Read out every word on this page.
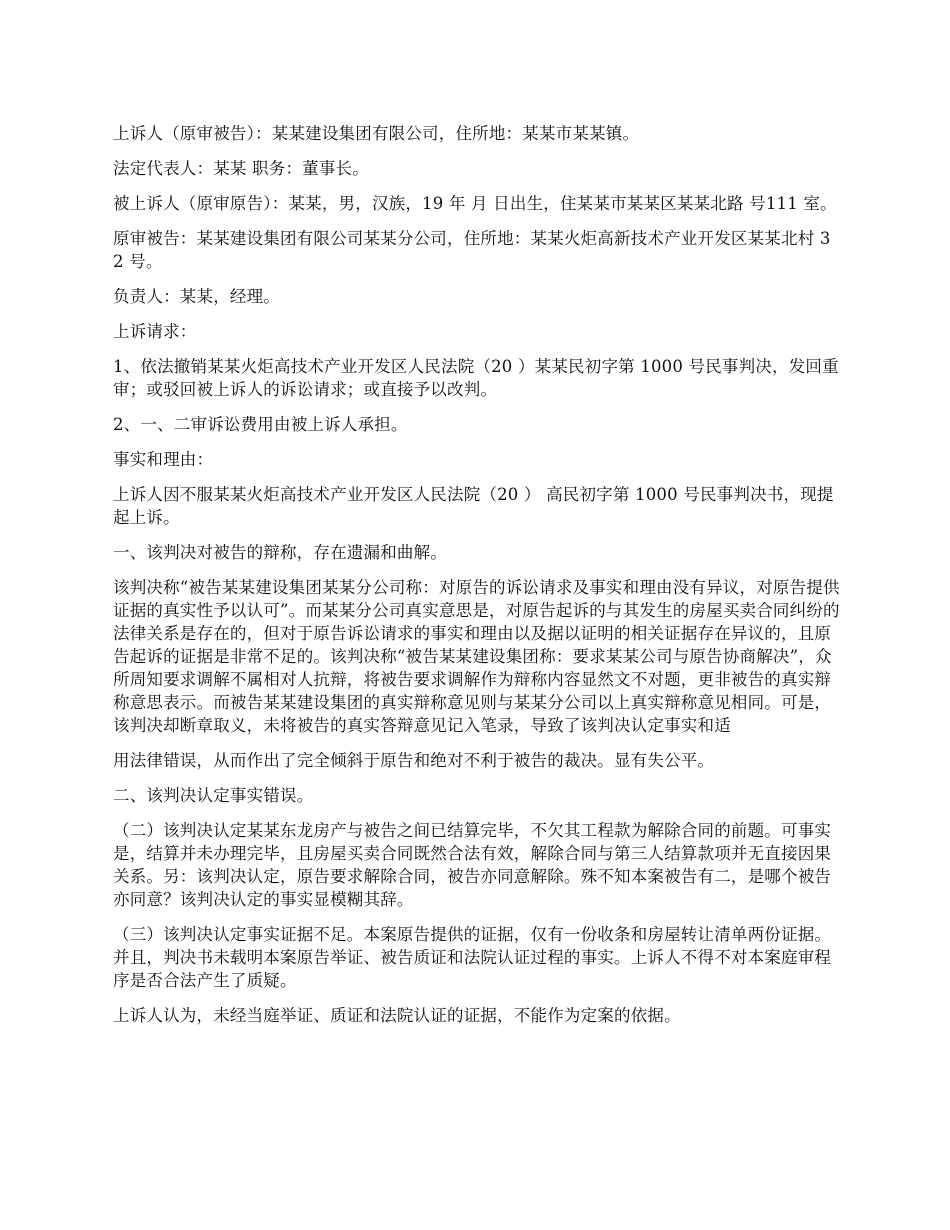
上诉人（原审被告）：某某建设集团有限公司，住所地：某某市某某镇。

法定代表人：某某 职务：董事长。

被上诉人（原审原告）：某某，男，汉族，19 年 月 日出生，住某某市某某区某某北路 号111 室。

原审被告：某某建设集团有限公司某某分公司，住所地：某某火炬高新技术产业开发区某某北村 32 号。

负责人：某某，经理。

上诉请求：

1、依法撤销某某火炬高技术产业开发区人民法院（20 ）某某民初字第 1000 号民事判决，发回重审；或驳回被上诉人的诉讼请求；或直接予以改判。

2、一、二审诉讼费用由被上诉人承担。

事实和理由：

上诉人因不服某某火炬高技术产业开发区人民法院（20 ） 高民初字第 1000 号民事判决书，现提起上诉。

一、该判决对被告的辩称，存在遗漏和曲解。

该判决称“被告某某建设集团某某分公司称：对原告的诉讼请求及事实和理由没有异议，对原告提供证据的真实性予以认可”。而某某分公司真实意思是，对原告起诉的与其发生的房屋买卖合同纠纷的法律关系是存在的，但对于原告诉讼请求的事实和理由以及据以证明的相关证据存在异议的，且原告起诉的证据是非常不足的。该判决称“被告某某建设集团称：要求某某公司与原告协商解决”，众所周知要求调解不属相对人抗辩，将被告要求调解作为辩称内容显然文不对题，更非被告的真实辩称意思表示。而被告某某建设集团的真实辩称意见则与某某分公司以上真实辩称意见相同。可是，该判决却断章取义，未将被告的真实答辩意见记入笔录，导致了该判决认定事实和适

用法律错误，从而作出了完全倾斜于原告和绝对不利于被告的裁决。显有失公平。

二、该判决认定事实错误。

（二）该判决认定某某东龙房产与被告之间已结算完毕，不欠其工程款为解除合同的前题。可事实是，结算并未办理完毕，且房屋买卖合同既然合法有效，解除合同与第三人结算款项并无直接因果关系。另：该判决认定，原告要求解除合同，被告亦同意解除。殊不知本案被告有二，是哪个被告亦同意？该判决认定的事实显模糊其辞。

（三）该判决认定事实证据不足。本案原告提供的证据，仅有一份收条和房屋转让清单两份证据。并且，判决书未载明本案原告举证、被告质证和法院认证过程的事实。上诉人不得不对本案庭审程序是否合法产生了质疑。

上诉人认为，未经当庭举证、质证和法院认证的证据，不能作为定案的依据。
